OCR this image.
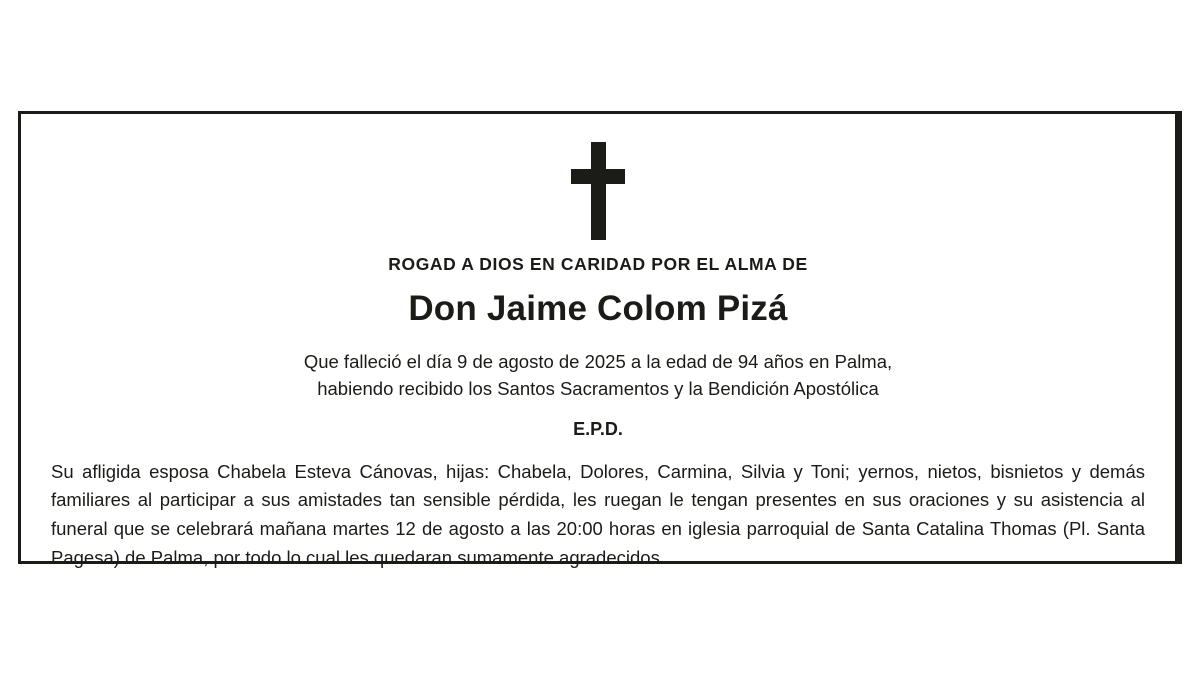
ROGAD A DIOS EN CARIDAD POR EL ALMA DE
Don Jaime Colom Pizá
Que falleció el día 9 de agosto de 2025 a la edad de 94 años en Palma,
habiendo recibido los Santos Sacramentos y la Bendición Apostólica
E.P.D.
Su afligida esposa Chabela Esteva Cánovas, hijas: Chabela, Dolores, Carmina, Silvia y Toni; yernos, nietos, bisnietos y demás familiares al participar a sus amistades tan sensible pérdida, les ruegan le tengan presentes en sus oraciones y su asistencia al funeral que se celebrará mañana martes 12 de agosto a las 20:00 horas en iglesia parroquial de Santa Catalina Thomas (Pl. Santa Pagesa) de Palma, por todo lo cual les quedaran sumamente agradecidos.
